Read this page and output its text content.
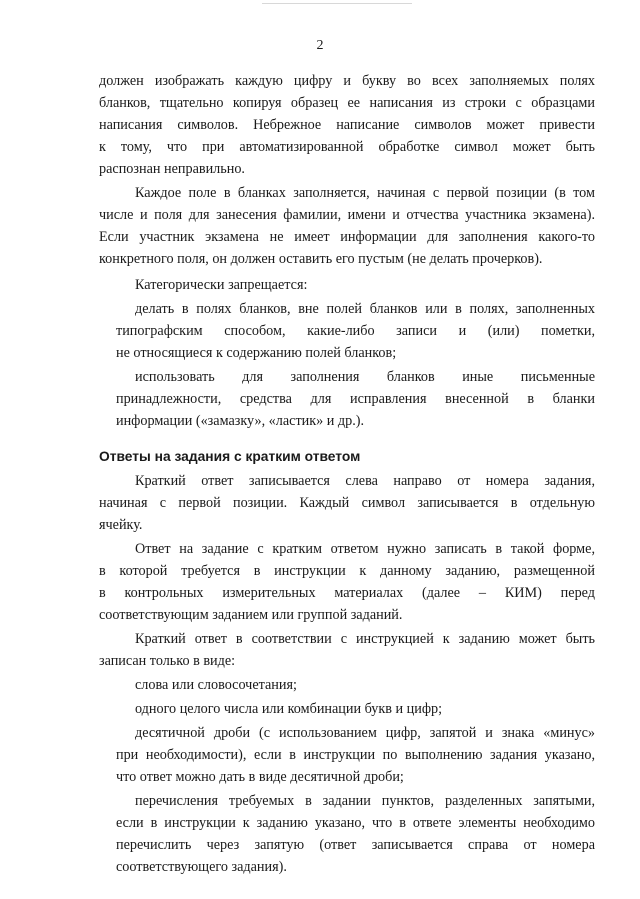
2
должен изображать каждую цифру и букву во всех заполняемых полях
бланков, тщательно копируя образец ее написания из строки с образцами
написания символов. Небрежное написание символов может привести
к тому, что при автоматизированной обработке символ может быть
распознан неправильно.
Каждое поле в бланках заполняется, начиная с первой позиции (в том
числе и поля для занесения фамилии, имени и отчества участника экзамена).
Если участник экзамена не имеет информации для заполнения какого-то
конкретного поля, он должен оставить его пустым (не делать прочерков).
Категорически запрещается:
делать в полях бланков, вне полей бланков или в полях, заполненных
типографским способом, какие-либо записи и (или) пометки,
не относящиеся к содержанию полей бланков;
использовать для заполнения бланков иные письменные
принадлежности, средства для исправления внесенной в бланки
информации («замазку», «ластик» и др.).
Ответы на задания с кратким ответом
Краткий ответ записывается слева направо от номера задания,
начиная с первой позиции. Каждый символ записывается в отдельную
ячейку.
Ответ на задание с кратким ответом нужно записать в такой форме,
в которой требуется в инструкции к данному заданию, размещенной
в контрольных измерительных материалах (далее – КИМ) перед
соответствующим заданием или группой заданий.
Краткий ответ в соответствии с инструкцией к заданию может быть
записан только в виде:
слова или словосочетания;
одного целого числа или комбинации букв и цифр;
десятичной дроби (с использованием цифр, запятой и знака «минус»
при необходимости), если в инструкции по выполнению задания указано,
что ответ можно дать в виде десятичной дроби;
перечисления требуемых в задании пунктов, разделенных запятыми,
если в инструкции к заданию указано, что в ответе элементы необходимо
перечислить через запятую (ответ записывается справа от номера
соответствующего задания).
